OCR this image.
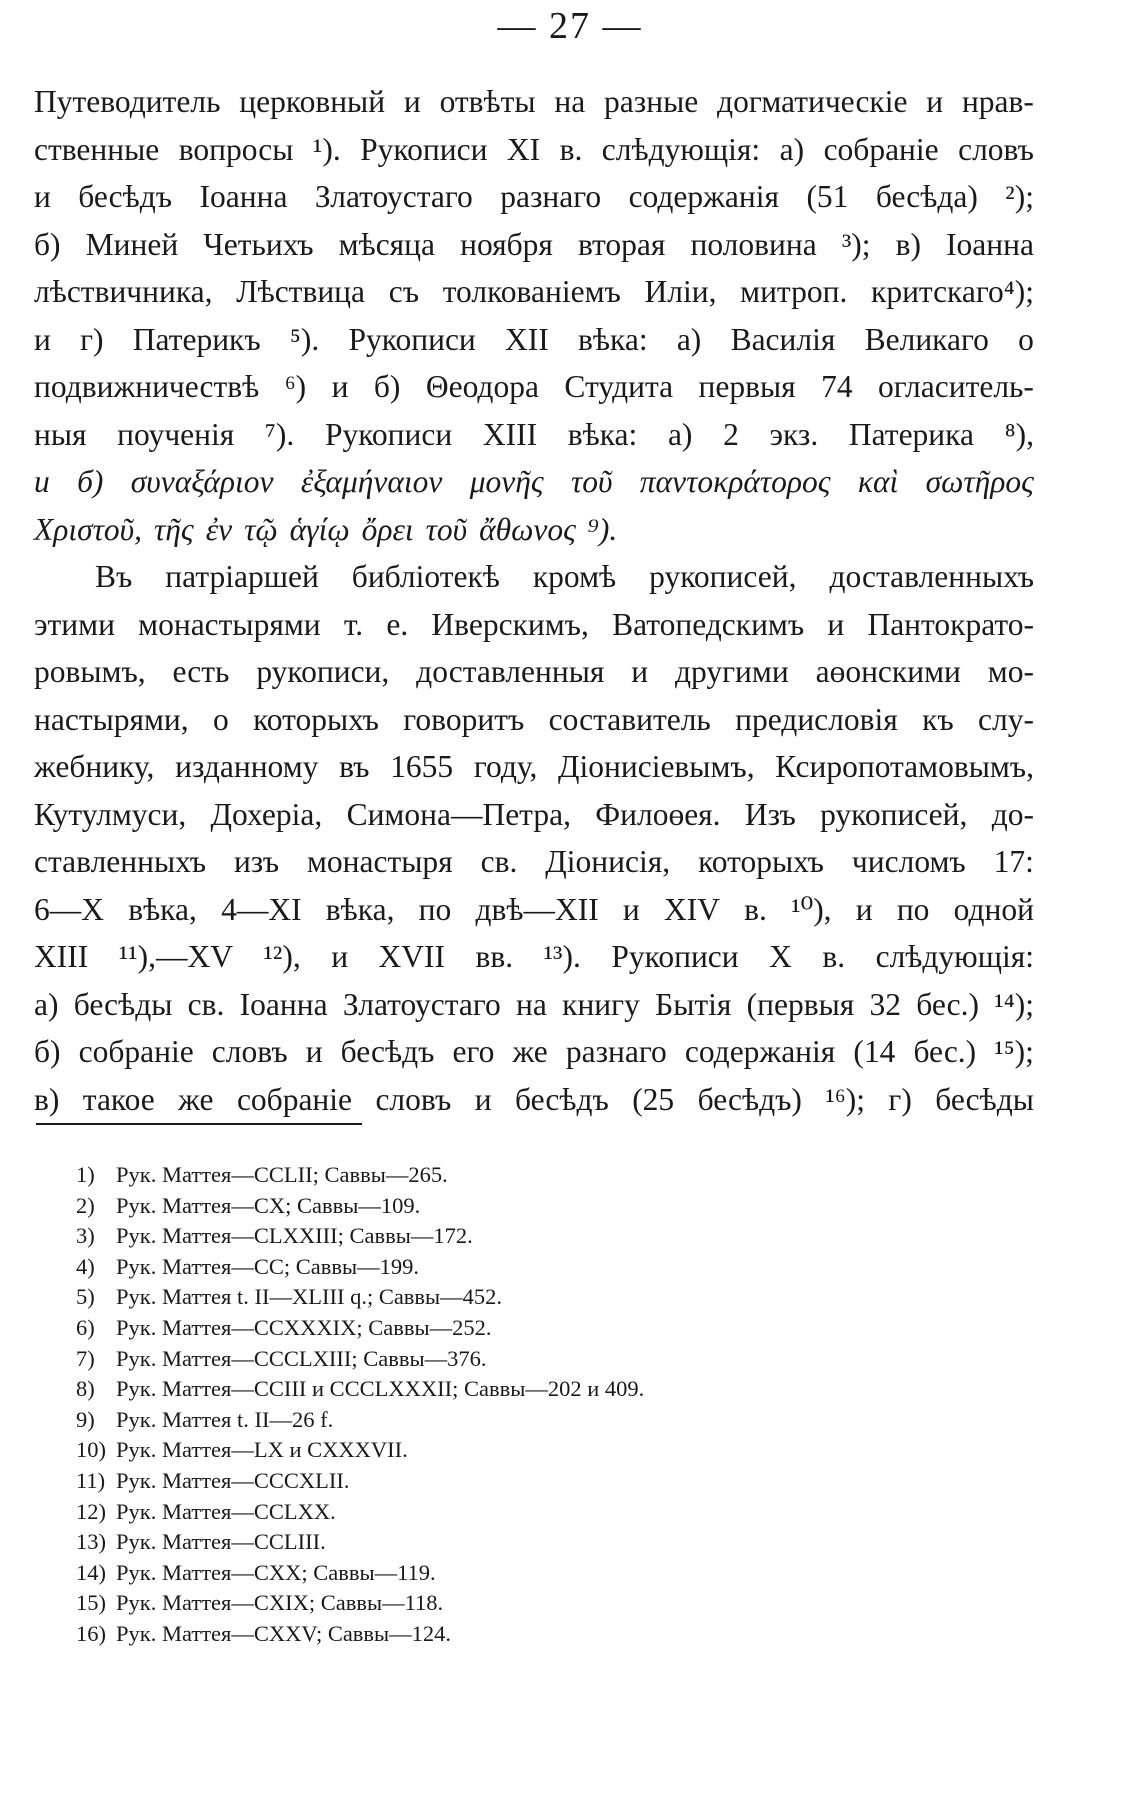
— 27 —
Путеводитель церковный и отвѣты на разные догматическіе и нрав-
ственные вопросы ¹). Рукописи XI в. слѣдующія: а) собраніе словъ
и бесѣдъ Іоанна Златоустаго разнаго содержанія (51 бесѣда) ²);
б) Миней Четьихъ мѣсяца ноября вторая половина ³); в) Іоанна
лѣствичника, Лѣствица съ толкованіемъ Иліи, митроп. критскаго⁴);
и г) Патерикъ ⁵). Рукописи XII вѣка: а) Василія Великаго о
подвижничествѣ ⁶) и б) Θеодора Студита первыя 74 огласитель-
ныя поученія ⁷). Рукописи XIII вѣка: а) 2 экз. Патерика ⁸),
и б) συναξάριον ἐξαμήναιον μονῆς τοῦ παντοκράτορος καὶ σωτῆρος
Χριστοῦ, τῆς ἐν τῷ ἁγίῳ ὄρει τοῦ ἄθωνος ⁹).
Въ патріаршей библіотекѣ кромѣ рукописей, доставленныхъ
этими монастырями т. е. Иверскимъ, Ватопедскимъ и Пантократо-
ровымъ, есть рукописи, доставленныя и другими аөонскими мо-
настырями, о которыхъ говоритъ составитель предисловія къ слу-
жебнику, изданному въ 1655 году, Діонисіевымъ, Ксиропотамовымъ,
Кутулмуси, Дохеріа, Симона—Петра, Филоөея. Изъ рукописей, до-
ставленныхъ изъ монастыря св. Діонисія, которыхъ числомъ 17:
6—X вѣка, 4—XI вѣка, по двѣ—XII и XIV в. ¹⁰), и по одной
XIII ¹¹),—XV ¹²), и XVII вв. ¹³). Рукописи X в. слѣдующія:
а) бесѣды св. Іоанна Златоустаго на книгу Бытія (первыя 32 бес.) ¹⁴);
б) собраніе словъ и бесѣдъ его же разнаго содержанія (14 бес.) ¹⁵);
в) такое же собраніе словъ и бесѣдъ (25 бесѣдъ) ¹⁶); г) бесѣды
1) Рук. Маттея—CCLII; Саввы—265.
2) Рук. Маттея—CX; Саввы—109.
3) Рук. Маттея—CLXXIII; Саввы—172.
4) Рук. Маттея—CC; Саввы—199.
5) Рук. Маттея t. II—XLIII q.; Саввы—452.
6) Рук. Маттея—CCXXXIX; Саввы—252.
7) Рук. Маттея—CCCLXIII; Саввы—376.
8) Рук. Маттея—CCIII и CCCLXXXII; Саввы—202 и 409.
9) Рук. Маттея t. II—26 f.
10) Рук. Маттея—LX и CXXXVII.
11) Рук. Маттея—CCCXLII.
12) Рук. Маттея—CCLXX.
13) Рук. Маттея—CCLIII.
14) Рук. Маттея—CXX; Саввы—119.
15) Рук. Маттея—CXIX; Саввы—118.
16) Рук. Маттея—CXXV; Саввы—124.
